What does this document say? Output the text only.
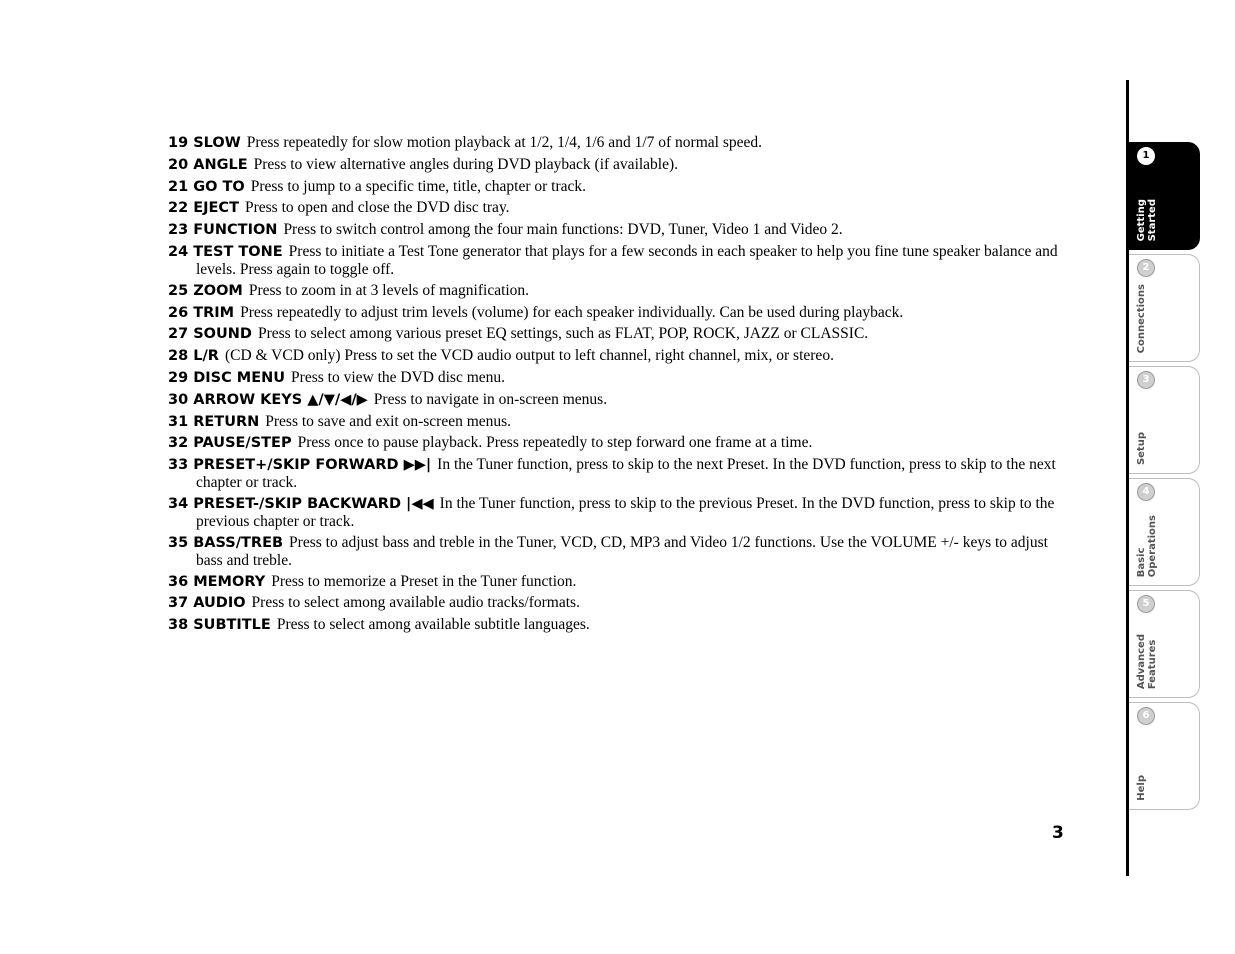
19 SLOW Press repeatedly for slow motion playback at 1/2, 1/4, 1/6 and 1/7 of normal speed.
20 ANGLE Press to view alternative angles during DVD playback (if available).
21 GO TO Press to jump to a specific time, title, chapter or track.
22 EJECT Press to open and close the DVD disc tray.
23 FUNCTION Press to switch control among the four main functions: DVD, Tuner, Video 1 and Video 2.
24 TEST TONE Press to initiate a Test Tone generator that plays for a few seconds in each speaker to help you fine tune speaker balance and levels. Press again to toggle off.
25 ZOOM Press to zoom in at 3 levels of magnification.
26 TRIM Press repeatedly to adjust trim levels (volume) for each speaker individually. Can be used during playback.
27 SOUND Press to select among various preset EQ settings, such as FLAT, POP, ROCK, JAZZ or CLASSIC.
28 L/R (CD & VCD only) Press to set the VCD audio output to left channel, right channel, mix, or stereo.
29 DISC MENU Press to view the DVD disc menu.
30 ARROW KEYS ▲/▼/◀/▶ Press to navigate in on-screen menus.
31 RETURN Press to save and exit on-screen menus.
32 PAUSE/STEP Press once to pause playback. Press repeatedly to step forward one frame at a time.
33 PRESET+/SKIP FORWARD ▶▶| In the Tuner function, press to skip to the next Preset. In the DVD function, press to skip to the next chapter or track.
34 PRESET-/SKIP BACKWARD |◀◀ In the Tuner function, press to skip to the previous Preset. In the DVD function, press to skip to the previous chapter or track.
35 BASS/TREB Press to adjust bass and treble in the Tuner, VCD, CD, MP3 and Video 1/2 functions. Use the VOLUME +/- keys to adjust bass and treble.
36 MEMORY Press to memorize a Preset in the Tuner function.
37 AUDIO Press to select among available audio tracks/formats.
38 SUBTITLE Press to select among available subtitle languages.
1
Getting
Started
2
Connections
3
Setup
4
Basic
Operations
5
Advanced
Features
6
Help
3
